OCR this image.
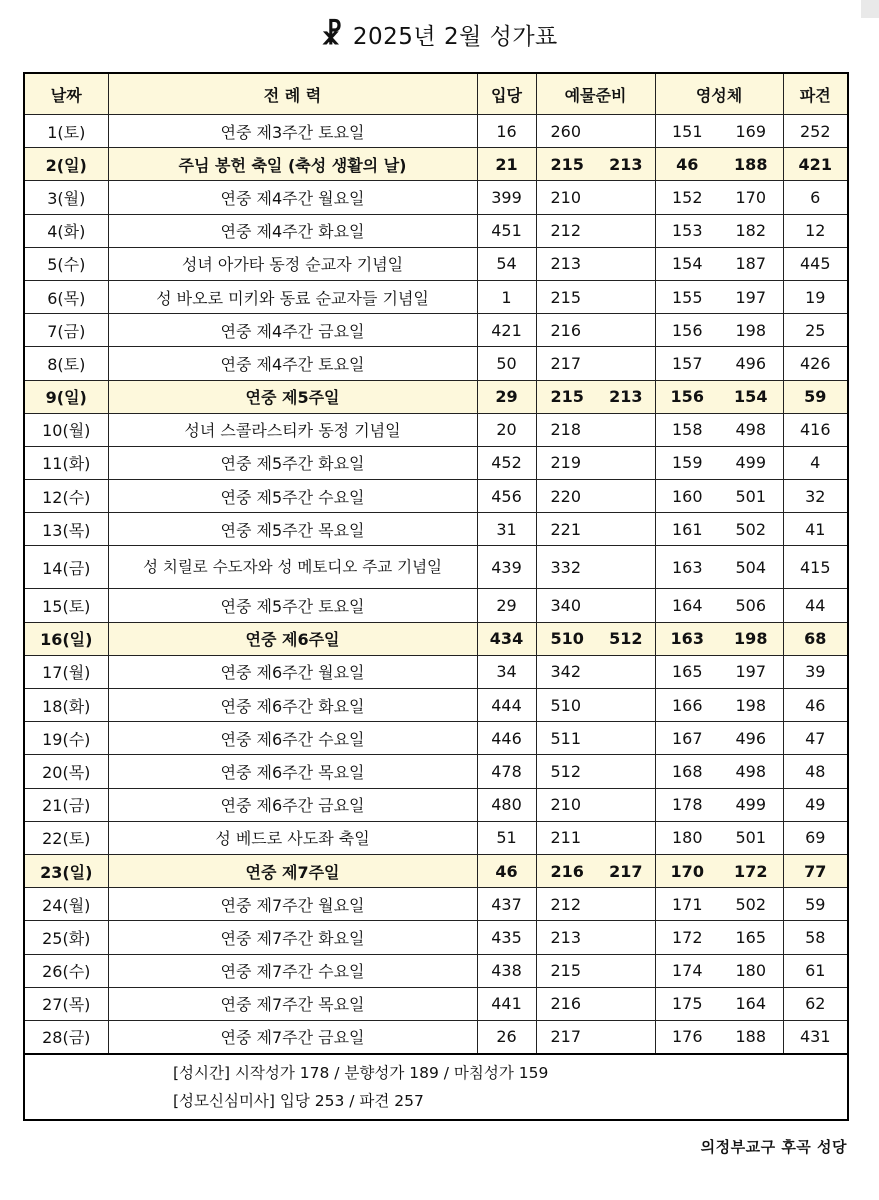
☧ 2025년 2월 성가표
날짜	전 례 력	입당	예물준비	영성체	파견
1(토)	연중 제3주간 토요일	16	260	151 169	252
2(일)	주님 봉헌 축일 (축성 생활의 날)	21	215 213	46 188	421
3(월)	연중 제4주간 월요일	399	210	152 170	6
4(화)	연중 제4주간 화요일	451	212	153 182	12
5(수)	성녀 아가타 동정 순교자 기념일	54	213	154 187	445
6(목)	성 바오로 미키와 동료 순교자들 기념일	1	215	155 197	19
7(금)	연중 제4주간 금요일	421	216	156 198	25
8(토)	연중 제4주간 토요일	50	217	157 496	426
9(일)	연중 제5주일	29	215 213	156 154	59
10(월)	성녀 스콜라스티카 동정 기념일	20	218	158 498	416
11(화)	연중 제5주간 화요일	452	219	159 499	4
12(수)	연중 제5주간 수요일	456	220	160 501	32
13(목)	연중 제5주간 목요일	31	221	161 502	41
14(금)	성 치릴로 수도자와 성 메토디오 주교 기념일	439	332	163 504	415
15(토)	연중 제5주간 토요일	29	340	164 506	44
16(일)	연중 제6주일	434	510 512	163 198	68
17(월)	연중 제6주간 월요일	34	342	165 197	39
18(화)	연중 제6주간 화요일	444	510	166 198	46
19(수)	연중 제6주간 수요일	446	511	167 496	47
20(목)	연중 제6주간 목요일	478	512	168 498	48
21(금)	연중 제6주간 금요일	480	210	178 499	49
22(토)	성 베드로 사도좌 축일	51	211	180 501	69
23(일)	연중 제7주일	46	216 217	170 172	77
24(월)	연중 제7주간 월요일	437	212	171 502	59
25(화)	연중 제7주간 화요일	435	213	172 165	58
26(수)	연중 제7주간 수요일	438	215	174 180	61
27(목)	연중 제7주간 목요일	441	216	175 164	62
28(금)	연중 제7주간 금요일	26	217	176 188	431

[성시간] 시작성가 178 / 분향성가 189 / 마침성가 159
[성모신심미사] 입당 253 / 파견 257					
의정부교구 후곡 성당
